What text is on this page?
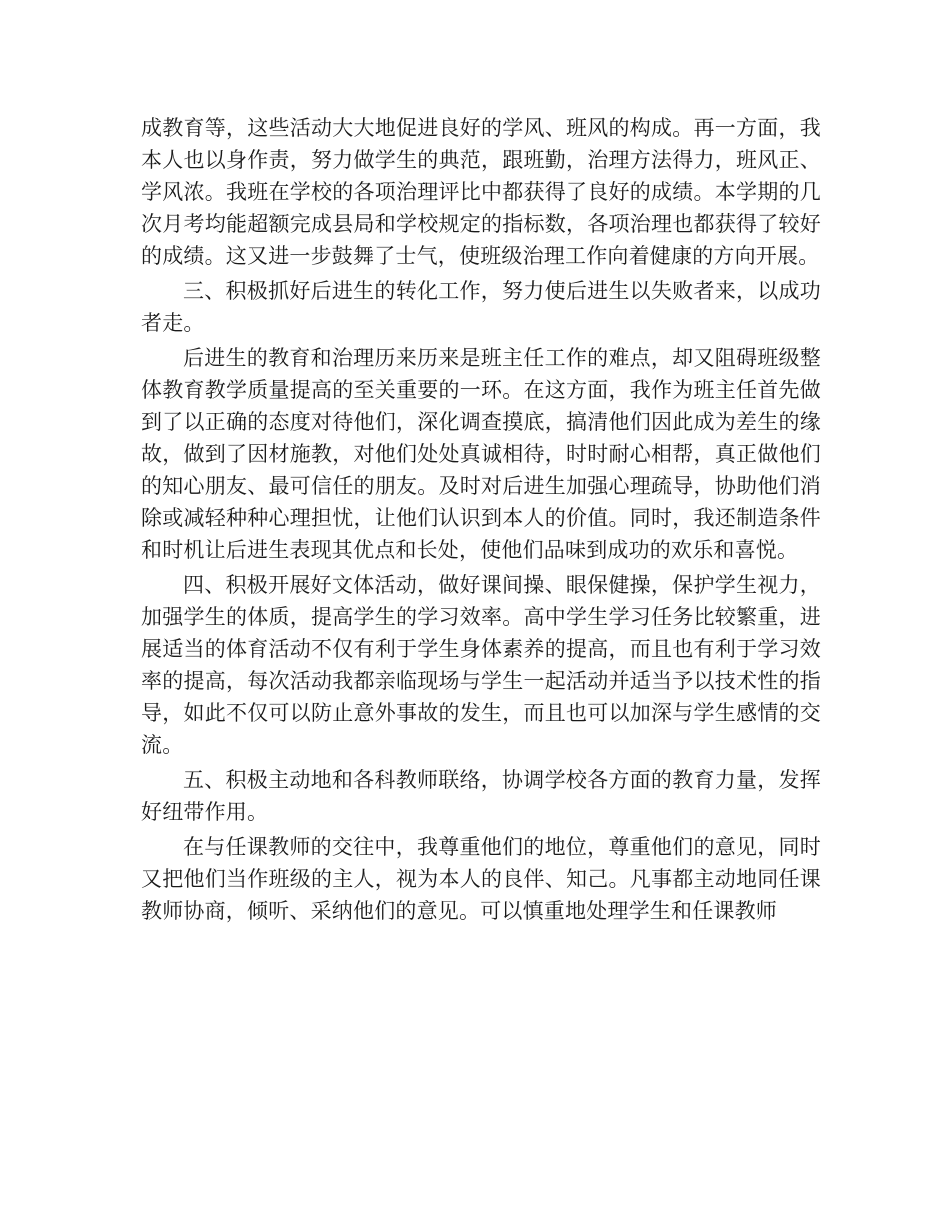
成教育等，这些活动大大地促进良好的学风、班风的构成。再一方面，我本人也以身作责，努力做学生的典范，跟班勤，治理方法得力，班风正、学风浓。我班在学校的各项治理评比中都获得了良好的成绩。本学期的几次月考均能超额完成县局和学校规定的指标数，各项治理也都获得了较好的成绩。这又进一步鼓舞了士气，使班级治理工作向着健康的方向开展。

三、积极抓好后进生的转化工作，努力使后进生以失败者来，以成功者走。

后进生的教育和治理历来历来是班主任工作的难点，却又阻碍班级整体教育教学质量提高的至关重要的一环。在这方面，我作为班主任首先做到了以正确的态度对待他们，深化调查摸底，搞清他们因此成为差生的缘故，做到了因材施教，对他们处处真诚相待，时时耐心相帮，真正做他们的知心朋友、最可信任的朋友。及时对后进生加强心理疏导，协助他们消除或减轻种种心理担忧，让他们认识到本人的价值。同时，我还制造条件和时机让后进生表现其优点和长处，使他们品味到成功的欢乐和喜悦。

四、积极开展好文体活动，做好课间操、眼保健操，保护学生视力，加强学生的体质，提高学生的学习效率。高中学生学习任务比较繁重，进展适当的体育活动不仅有利于学生身体素养的提高，而且也有利于学习效率的提高，每次活动我都亲临现场与学生一起活动并适当予以技术性的指导，如此不仅可以防止意外事故的发生，而且也可以加深与学生感情的交流。

五、积极主动地和各科教师联络，协调学校各方面的教育力量，发挥好纽带作用。

在与任课教师的交往中，我尊重他们的地位，尊重他们的意见，同时又把他们当作班级的主人，视为本人的良伴、知己。凡事都主动地同任课教师协商，倾听、采纳他们的意见。可以慎重地处理学生和任课教师
